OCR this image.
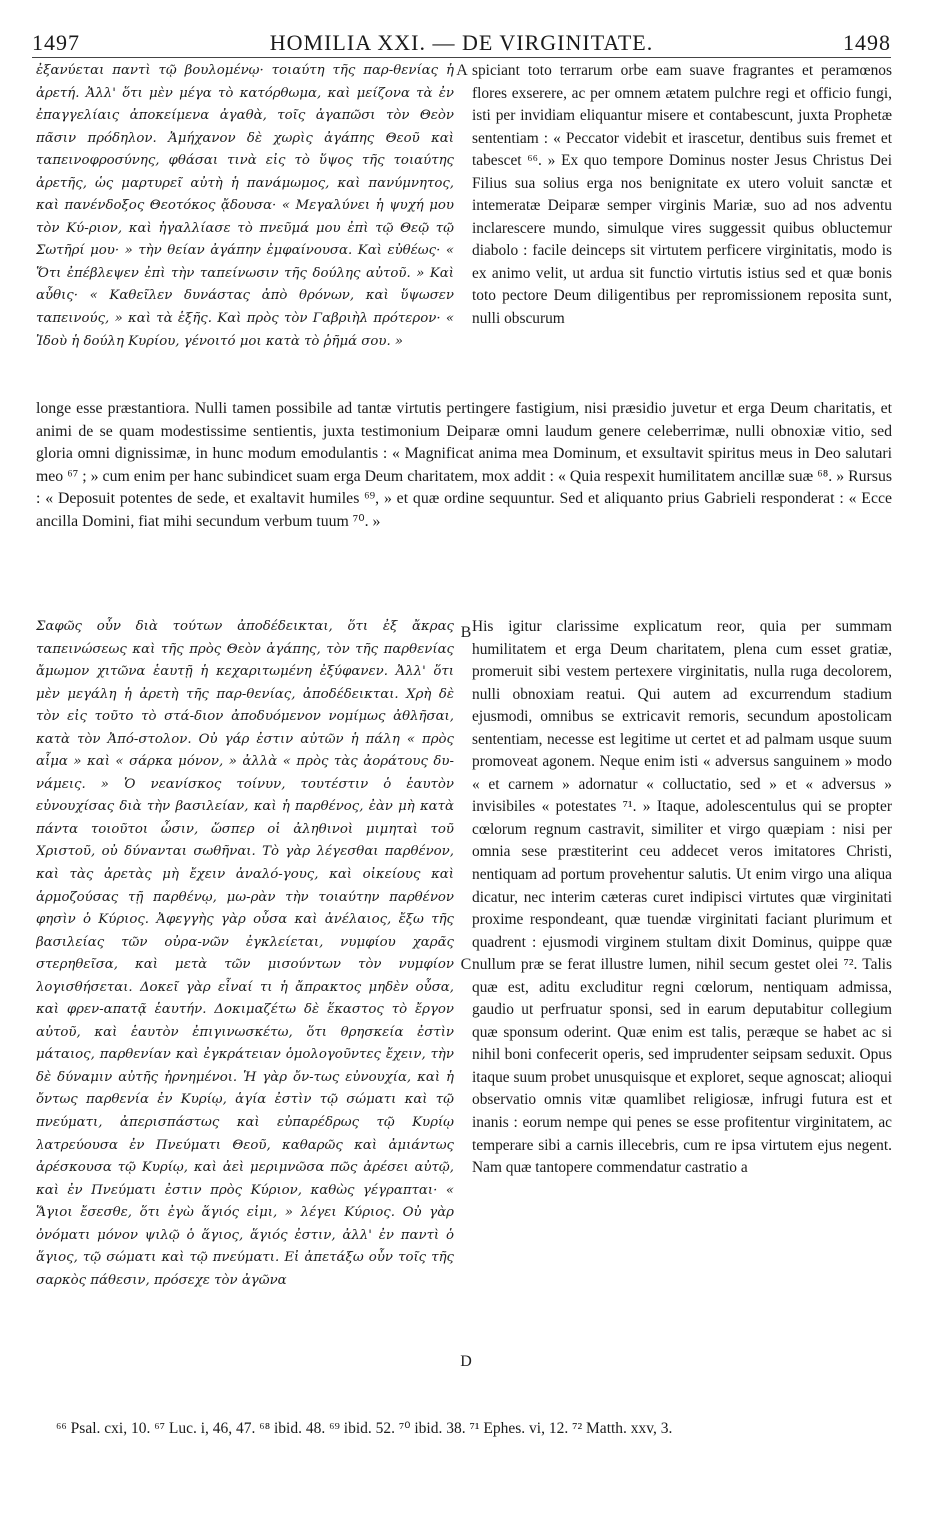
1497	HOMILIA XXI. — DE VIRGINITATE.	1498
ἐξανύεται παντὶ τῷ βουλομένῳ· τοιαύτη τῆς παρ-θενίας ἡ ἀρετή. Ἀλλ' ὅτι μὲν μέγα τὸ κατόρθωμα, καὶ μείζονα τὰ ἐν ἐπαγγελίαις ἀποκείμενα ἀγαθὰ, τοῖς ἀγαπῶσι τὸν Θεὸν πᾶσιν πρόδηλον. Ἀμήχανον δὲ χωρὶς ἀγάπης Θεοῦ καὶ ταπεινοφροσύνης, φθάσαι τινὰ εἰς τὸ ὕψος τῆς τοιαύτης ἀρετῆς, ὡς μαρτυρεῖ αὐτὴ ἡ πανάμωμος, καὶ πανύμνητος, καὶ πανένδοξος Θεοτόκος ᾄδουσα· « Μεγαλύνει ἡ ψυχή μου τὸν Κύ-ριον, καὶ ἠγαλλίασε τὸ πνεῦμά μου ἐπὶ τῷ Θεῷ τῷ Σωτῆρί μου· » τὴν θείαν ἀγάπην ἐμφαίνουσα. Καὶ εὐθέως· « Ὅτι ἐπέβλεψεν ἐπὶ τὴν ταπείνωσιν τῆς δούλης αὐτοῦ. » Καὶ αὖθις· « Καθεῖλεν δυνάστας ἀπὸ θρόνων, καὶ ὕψωσεν ταπεινούς, » καὶ τὰ ἑξῆς. Καὶ πρὸς τὸν Γαβριὴλ πρότερον· « Ἰδοὺ ἡ δούλη Κυρίου, γένοιτό μοι κατὰ τὸ ῥῆμά σου. »
spiciant toto terrarum orbe eam suave fragrantes et peramœnos flores exserere, ac per omnem ætatem pulchre regi et officio fungi, isti per invidiam eliquantur misere et contabescunt, juxta Prophetæ sententiam : « Peccator videbit et irascetur, dentibus suis fremet et tabescet ⁶⁶. » Ex quo tempore Dominus noster Jesus Christus Dei Filius sua solius erga nos benignitate ex utero voluit sanctæ et intemeratæ Deiparæ semper virginis Mariæ, suo ad nos adventu inclarescere mundo, simulque vires suggessit quibus obluctemur diabolo : facile deinceps sit virtutem perficere virginitatis, modo is ex animo velit, ut ardua sit functio virtutis istius sed et quæ bonis toto pectore Deum diligentibus per repromissionem reposita sunt, nulli obscurum
longe esse præstantiora. Nulli tamen possibile ad tantæ virtutis pertingere fastigium, nisi præsidio juvetur et erga Deum charitatis, et animi de se quam modestissime sentientis, juxta testimonium Deiparæ omni laudum genere celeberrimæ, nulli obnoxiæ vitio, sed gloria omni dignissimæ, in hunc modum emodulantis : « Magnificat anima mea Dominum, et exsultavit spiritus meus in Deo salutari meo ⁶⁷ ; » cum enim per hanc subindicet suam erga Deum charitatem, mox addit : « Quia respexit humilitatem ancillæ suæ ⁶⁸. » Rursus : « Deposuit potentes de sede, et exaltavit humiles ⁶⁹, » et quæ ordine sequuntur. Sed et aliquanto prius Gabrieli responderat : « Ecce ancilla Domini, fiat mihi secundum verbum tuum ⁷⁰. »
Σαφῶς οὖν διὰ τούτων ἀποδέδεικται, ὅτι ἐξ ἄκρας ταπεινώσεως καὶ τῆς πρὸς Θεὸν ἀγάπης, τὸν τῆς παρθενίας ἄμωμον χιτῶνα ἑαυτῇ ἡ κεχαριτωμένη ἐξύφανεν. Ἀλλ' ὅτι μὲν μεγάλη ἡ ἀρετὴ τῆς παρ-θενίας, ἀποδέδεικται. Χρὴ δὲ τὸν εἰς τοῦτο τὸ στά-διον ἀποδυόμενον νομίμως ἀθλῆσαι, κατὰ τὸν Ἀπό-στολον. Οὐ γάρ ἐστιν αὐτῶν ἡ πάλη « πρὸς αἷμα » καὶ « σάρκα μόνον, » ἀλλὰ « πρὸς τὰς ἀοράτους δυ-νάμεις. » Ὁ νεανίσκος τοίνυν, τουτέστιν ὁ ἑαυτὸν εὐνουχίσας διὰ τὴν βασιλείαν, καὶ ἡ παρθένος, ἐὰν μὴ κατὰ πάντα τοιοῦτοι ὦσιν, ὥσπερ οἱ ἀληθινοὶ μιμηταὶ τοῦ Χριστοῦ, οὐ δύνανται σωθῆναι. Τὸ γὰρ λέγεσθαι παρθένον, καὶ τὰς ἀρετὰς μὴ ἔχειν ἀναλό-γους, καὶ οἰκείους καὶ ἁρμοζούσας τῇ παρθένῳ, μω-ρὰν τὴν τοιαύτην παρθένον φησὶν ὁ Κύριος. Ἀφεγγὴς γὰρ οὖσα καὶ ἀνέλαιος, ἔξω τῆς βασιλείας τῶν οὐρα-νῶν ἐγκλείεται, νυμφίου χαρᾶς στερηθεῖσα, καὶ μετὰ τῶν μισούντων τὸν νυμφίον λογισθήσεται. Δοκεῖ γὰρ εἶναί τι ἡ ἄπρακτος μηδὲν οὖσα, καὶ φρεν-απατᾷ ἑαυτήν. Δοκιμαζέτω δὲ ἕκαστος τὸ ἔργον αὐτοῦ, καὶ ἑαυτὸν ἐπιγινωσκέτω, ὅτι θρησκεία ἐστὶν μάταιος, παρθενίαν καὶ ἐγκράτειαν ὁμολογοῦντες ἔχειν, τὴν δὲ δύναμιν αὐτῆς ἠρνημένοι. Ἡ γὰρ ὄν-τως εὐνουχία, καὶ ἡ ὄντως παρθενία ἐν Κυρίῳ, ἁγία ἐστὶν τῷ σώματι καὶ τῷ πνεύματι, ἀπερισπάστως καὶ εὐπαρέδρως τῷ Κυρίῳ λατρεύουσα ἐν Πνεύματι Θεοῦ, καθαρῶς καὶ ἀμιάντως ἀρέσκουσα τῷ Κυρίῳ, καὶ ἀεὶ μεριμνῶσα πῶς ἀρέσει αὐτῷ, καὶ ἐν Πνεύματι ἐστιν πρὸς Κύριον, καθὼς γέγραπται· « Ἅγιοι ἔσεσθε, ὅτι ἐγὼ ἅγιός εἰμι, » λέγει Κύριος. Οὐ γὰρ ὀνόματι μόνον ψιλῷ ὁ ἅγιος, ἅγιός ἐστιν, ἀλλ' ἐν παντὶ ὁ ἅγιος, τῷ σώματι καὶ τῷ πνεύματι. Εἰ ἀπετάξω οὖν τοῖς τῆς σαρκὸς πάθεσιν, πρόσεχε τὸν ἀγῶνα
His igitur clarissime explicatum reor, quia per summam humilitatem et erga Deum charitatem, plena cum esset gratiæ, promeruit sibi vestem pertexere virginitatis, nulla ruga decolorem, nulli obnoxiam reatui. Qui autem ad excurrendum stadium ejusmodi, omnibus se extricavit remoris, secundum apostolicam sententiam, necesse est legitime ut certet et ad palmam usque suum promoveat agonem. Neque enim isti « adversus sanguinem » modo « et carnem » adornatur « colluctatio, sed » et « adversus » invisibiles « potestates ⁷¹. » Itaque, adolescentulus qui se propter cœlorum regnum castravit, similiter et virgo quæpiam : nisi per omnia sese præstiterint ceu addecet veros imitatores Christi, nentiquam ad portum provehentur salutis. Ut enim virgo una aliqua dicatur, nec interim cæteras curet indipisci virtutes quæ virginitati proxime respondeant, quæ tuendæ virginitati faciant plurimum et quadrent : ejusmodi virginem stultam dixit Dominus, quippe quæ nullum præ se ferat illustre lumen, nihil secum gestet olei ⁷². Talis quæ est, aditu excluditur regni cœlorum, nentiquam admissa, gaudio ut perfruatur sponsi, sed in earum deputabitur collegium quæ sponsum oderint. Quæ enim est talis, peræque se habet ac si nihil boni confecerit operis, sed imprudenter seipsam seduxit. Opus itaque suum probet unusquisque et exploret, seque agnoscat; alioqui observatio omnis vitæ quamlibet religiosæ, infrugi futura est et inanis : eorum nempe qui penes se esse profitentur virginitatem, ac temperare sibi a carnis illecebris, cum re ipsa virtutem ejus negent. Nam quæ tantopere commendatur castratio a
A
B
C
D
⁶⁶ Psal. cxi, 10. ⁶⁷ Luc. i, 46, 47. ⁶⁸ ibid. 48. ⁶⁹ ibid. 52. ⁷⁰ ibid. 38. ⁷¹ Ephes. vi, 12. ⁷² Matth. xxv, 3.
